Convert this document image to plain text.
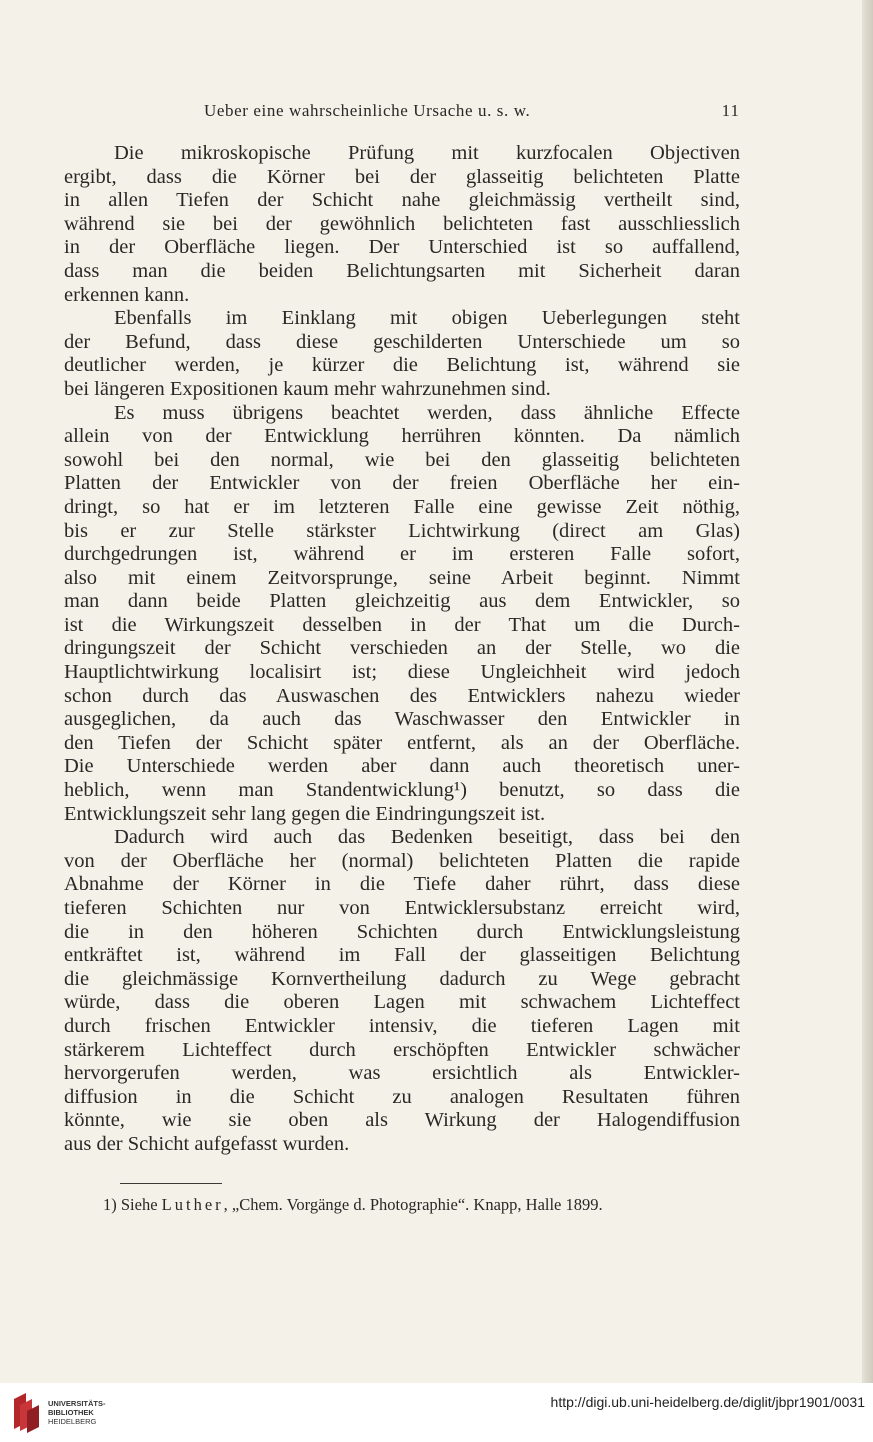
Ueber eine wahrscheinliche Ursache u. s. w.	11

Die mikroskopische Prüfung mit kurzfocalen Objectiven
ergibt, dass die Körner bei der glasseitig belichteten Platte
in allen Tiefen der Schicht nahe gleichmässig vertheilt sind,
während sie bei der gewöhnlich belichteten fast ausschliesslich
in der Oberfläche liegen. Der Unterschied ist so auffallend,
dass man die beiden Belichtungsarten mit Sicherheit daran
erkennen kann.

Ebenfalls im Einklang mit obigen Ueberlegungen steht
der Befund, dass diese geschilderten Unterschiede um so
deutlicher werden, je kürzer die Belichtung ist, während sie
bei längeren Expositionen kaum mehr wahrzunehmen sind.

Es muss übrigens beachtet werden, dass ähnliche Effecte
allein von der Entwicklung herrühren könnten. Da nämlich
sowohl bei den normal, wie bei den glasseitig belichteten
Platten der Entwickler von der freien Oberfläche her ein-
dringt, so hat er im letzteren Falle eine gewisse Zeit nöthig,
bis er zur Stelle stärkster Lichtwirkung (direct am Glas)
durchgedrungen ist, während er im ersteren Falle sofort,
also mit einem Zeitvorsprunge, seine Arbeit beginnt. Nimmt
man dann beide Platten gleichzeitig aus dem Entwickler, so
ist die Wirkungszeit desselben in der That um die Durch-
dringungszeit der Schicht verschieden an der Stelle, wo die
Hauptlichtwirkung localisirt ist; diese Ungleichheit wird jedoch
schon durch das Auswaschen des Entwicklers nahezu wieder
ausgeglichen, da auch das Waschwasser den Entwickler in
den Tiefen der Schicht später entfernt, als an der Oberfläche.
Die Unterschiede werden aber dann auch theoretisch uner-
heblich, wenn man Standentwicklung¹) benutzt, so dass die
Entwicklungszeit sehr lang gegen die Eindringungszeit ist.

Dadurch wird auch das Bedenken beseitigt, dass bei den
von der Oberfläche her (normal) belichteten Platten die rapide
Abnahme der Körner in die Tiefe daher rührt, dass diese
tieferen Schichten nur von Entwicklersubstanz erreicht wird,
die in den höheren Schichten durch Entwicklungsleistung
entkräftet ist, während im Fall der glasseitigen Belichtung
die gleichmässige Kornvertheilung dadurch zu Wege gebracht
würde, dass die oberen Lagen mit schwachem Lichteffect
durch frischen Entwickler intensiv, die tieferen Lagen mit
stärkerem Lichteffect durch erschöpften Entwickler schwächer
hervorgerufen werden, was ersichtlich als Entwickler-
diffusion in die Schicht zu analogen Resultaten führen
könnte, wie sie oben als Wirkung der Halogendiffusion
aus der Schicht aufgefasst wurden.

1) Siehe Luther, „Chem. Vorgänge d. Photographie“. Knapp, Halle 1899.
UNIVERSITÄTS-
BIBLIOTHEK
HEIDELBERG
http://digi.ub.uni-heidelberg.de/diglit/jbpr1901/0031
